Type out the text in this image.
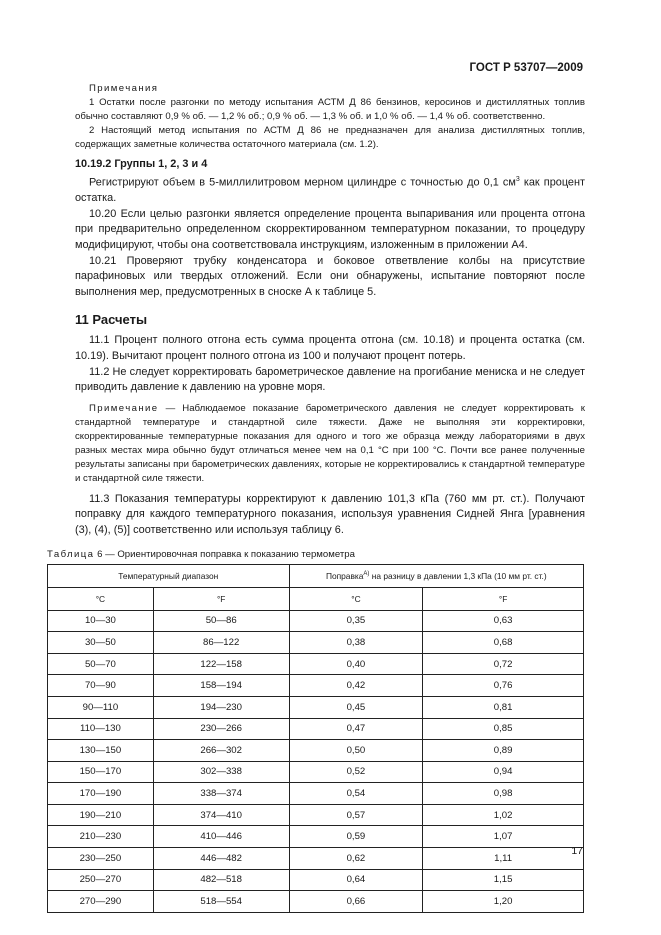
ГОСТ Р 53707—2009

Примечания

1 Остатки после разгонки по методу испытания АСТМ Д 86 бензинов, керосинов и дистиллятных топлив обычно составляют 0,9 % об. — 1,2 % об.; 0,9 % об. — 1,3 % об. и 1,0 % об. — 1,4 % об. соответственно.

2 Настоящий метод испытания по АСТМ Д 86 не предназначен для анализа дистиллятных топлив, содержащих заметные количества остаточного материала (см. 1.2).

10.19.2 Группы 1, 2, 3 и 4

Регистрируют объем в 5-миллилитровом мерном цилиндре с точностью до 0,1 $см^3$ как процент остатка.

10.20 Если целью разгонки является определение процента выпаривания или процента отгона при предварительно определенном скорректированном температурном показании, то процедуру модифицируют, чтобы она соответствовала инструкциям, изложенным в приложении А4.

10.21 Проверяют трубку конденсатора и боковое ответвление колбы на присутствие парафиновых или твердых отложений. Если они обнаружены, испытание повторяют после выполнения мер, предусмотренных в сноске А к таблице 5.

11 Расчеты

11.1 Процент полного отгона есть сумма процента отгона (см. 10.18) и процента остатка (см. 10.19). Вычитают процент полного отгона из 100 и получают процент потерь.

11.2 Не следует корректировать барометрическое давление на прогибание мениска и не следует приводить давление к давлению на уровне моря.

Примечание — Наблюдаемое показание барометрического давления не следует корректировать к стандартной температуре и стандартной силе тяжести. Даже не выполняя эти корректировки, скорректированные температурные показания для одного и того же образца между лабораториями в двух разных местах мира обычно будут отличаться менее чем на 0,1 °С при 100 °С. Почти все ранее полученные результаты записаны при барометрических давлениях, которые не корректировались к стандартной температуре и стандартной силе тяжести.

11.3 Показания температуры корректируют к давлению 101,3 кПа (760 мм рт. ст.). Получают поправку для каждого температурного показания, используя уравнения Сидней Янга [уравнения (3), (4), (5)] соответственно или используя таблицу 6.

Таблица 6 — Ориентировочная поправка к показанию термометра
Температурный диапазон		Поправка$^{А)}$ на разницу в давлении 1,3 кПа (10 мм рт. ст.)	
°С	°F	°С	°F
10—30	50—86	0,35	0,63
30—50	86—122	0,38	0,68
50—70	122—158	0,40	0,72
70—90	158—194	0,42	0,76
90—110	194—230	0,45	0,81
110—130	230—266	0,47	0,85
130—150	266—302	0,50	0,89
150—170	302—338	0,52	0,94
170—190	338—374	0,54	0,98
190—210	374—410	0,57	1,02
210—230	410—446	0,59	1,07
230—250	446—482	0,62	1,11
250—270	482—518	0,64	1,15
270—290	518—554	0,66	1,20
17
